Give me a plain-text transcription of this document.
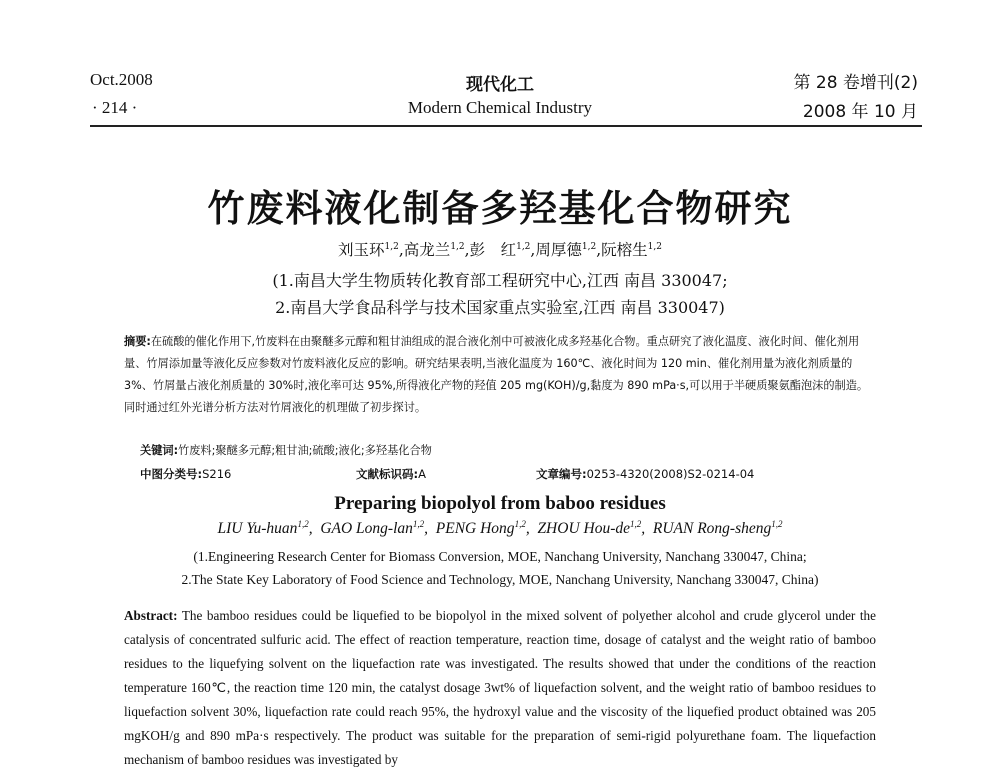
Oct.2008
· 214 ·
现代化工
Modern Chemical Industry
第 28 卷增刊(2)
2008 年 10 月
竹废料液化制备多羟基化合物研究
刘玉环$^{1,2}$,高龙兰$^{1,2}$,彭　红$^{1,2}$,周厚德$^{1,2}$,阮榕生$^{1,2}$
(1.南昌大学生物质转化教育部工程研究中心,江西 南昌 330047;
2.南昌大学食品科学与技术国家重点实验室,江西 南昌 330047)
摘要:在硫酸的催化作用下,竹废料在由聚醚多元醇和粗甘油组成的混合液化剂中可被液化成多羟基化合物。重点研究了液化温度、液化时间、催化剂用量、竹屑添加量等液化反应参数对竹废料液化反应的影响。研究结果表明,当液化温度为 160℃、液化时间为 120 min、催化剂用量为液化剂质量的 3%、竹屑量占液化剂质量的 30%时,液化率可达 95%,所得液化产物的羟值 205 mg(KOH)/g,黏度为 890 mPa·s,可以用于半硬质聚氨酯泡沫的制造。同时通过红外光谱分析方法对竹屑液化的机理做了初步探讨。
关键词:竹废料;聚醚多元醇;粗甘油;硫酸;液化;多羟基化合物
中图分类号:S216	文献标识码:A	文章编号:0253-4320(2008)S2-0214-04
Preparing biopolyol from baboo residues
LIU Yu-huan$^{1,2}$,  GAO Long-lan$^{1,2}$,  PENG Hong$^{1,2}$,  ZHOU Hou-de$^{1,2}$,  RUAN Rong-sheng$^{1,2}$
(1.Engineering Research Center for Biomass Conversion, MOE, Nanchang University, Nanchang 330047, China;
2.The State Key Laboratory of Food Science and Technology, MOE, Nanchang University, Nanchang 330047, China)
Abstract: The bamboo residues could be liquefied to be biopolyol in the mixed solvent of polyether alcohol and crude glycerol under the catalysis of concentrated sulfuric acid. The effect of reaction temperature, reaction time, dosage of catalyst and the weight ratio of bamboo residues to the liquefying solvent on the liquefaction rate was investigated. The results showed that under the conditions of the reaction temperature 160℃, the reaction time 120 min, the catalyst dosage 3wt% of liquefaction solvent, and the weight ratio of bamboo residues to liquefaction solvent 30%, liquefaction rate could reach 95%, the hydroxyl value and the viscosity of the liquefied product obtained was 205 mgKOH/g and 890 mPa·s respectively. The product was suitable for the preparation of semi-rigid polyurethane foam. The liquefaction mechanism of bamboo residues was investigated by
